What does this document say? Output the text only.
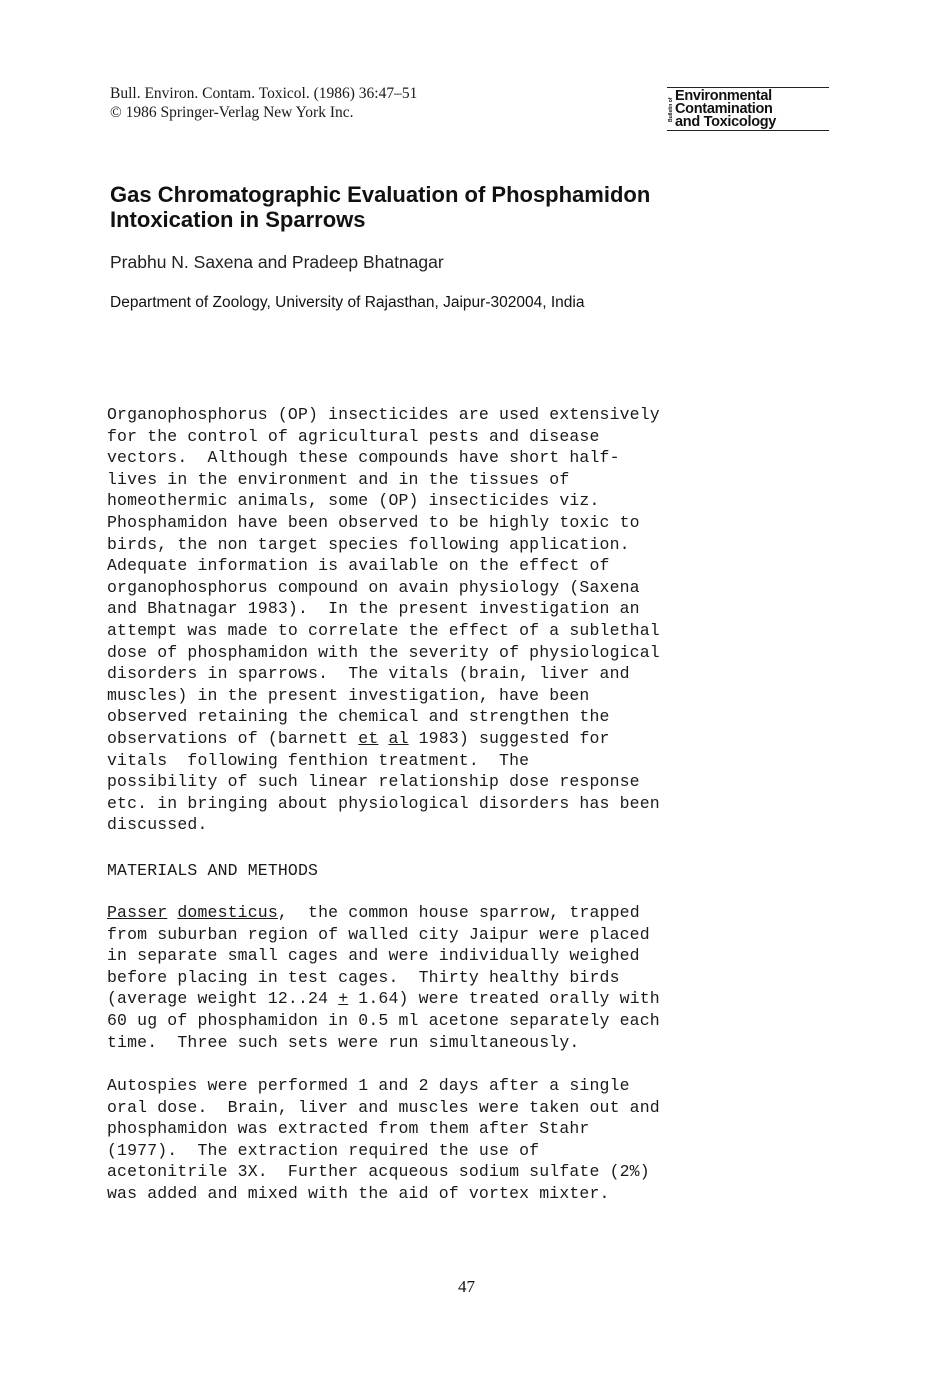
Bull. Environ. Contam. Toxicol. (1986) 36:47–51
© 1986 Springer-Verlag New York Inc.	Bulletin of
Environmental
Contamination
and Toxicology
Gas Chromatographic Evaluation of Phosphamidon
Intoxication in Sparrows
Prabhu N. Saxena and Pradeep Bhatnagar
Department of Zoology, University of Rajasthan, Jaipur-302004, India
Organophosphorus (OP) insecticides are used extensively
for the control of agricultural pests and disease
vectors.  Although these compounds have short half-
lives in the environment and in the tissues of
homeothermic animals, some (OP) insecticides viz.
Phosphamidon have been observed to be highly toxic to
birds, the non target species following application.
Adequate information is available on the effect of
organophosphorus compound on avain physiology (Saxena
and Bhatnagar 1983).  In the present investigation an
attempt was made to correlate the effect of a sublethal
dose of phosphamidon with the severity of physiological
disorders in sparrows.  The vitals (brain, liver and
muscles) in the present investigation, have been
observed retaining the chemical and strengthen the
observations of (barnett et al 1983) suggested for
vitals  following fenthion treatment.  The
possibility of such linear relationship dose response
etc. in bringing about physiological disorders has been
discussed.
MATERIALS AND METHODS
Passer domesticus,  the common house sparrow, trapped
from suburban region of walled city Jaipur were placed
in separate small cages and were individually weighed
before placing in test cages.  Thirty healthy birds
(average weight 12..24 + 1.64) were treated orally with
60 ug of phosphamidon in 0.5 ml acetone separately each
time.  Three such sets were run simultaneously.
Autospies were performed 1 and 2 days after a single
oral dose.  Brain, liver and muscles were taken out and
phosphamidon was extracted from them after Stahr
(1977).  The extraction required the use of
acetonitrile 3X.  Further acqueous sodium sulfate (2%)
was added and mixed with the aid of vortex mixter.
47
